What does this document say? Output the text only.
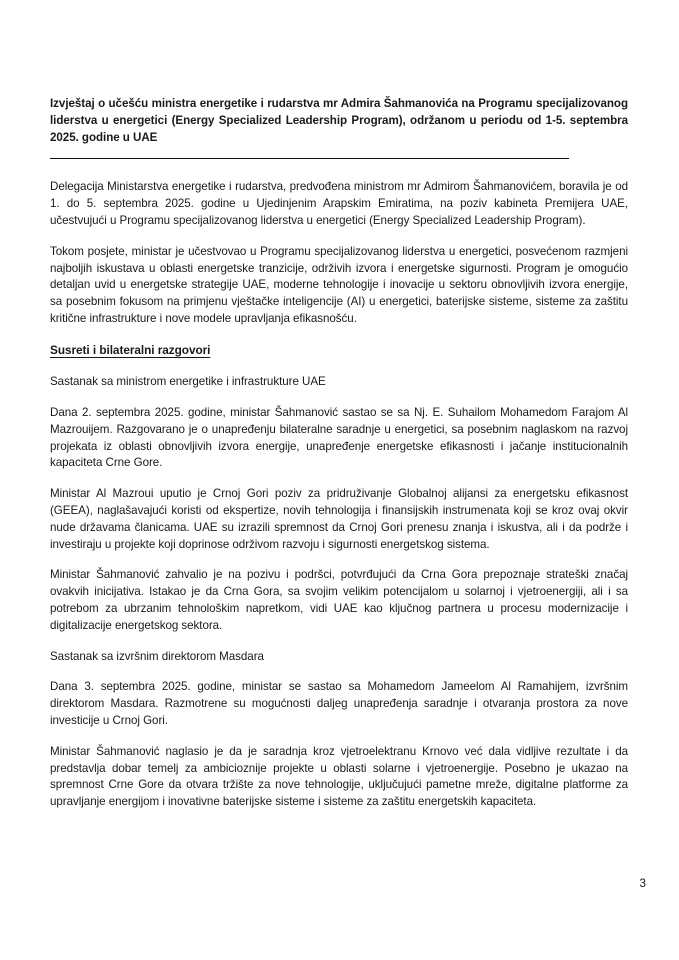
Izvještaj o učešću ministra energetike i rudarstva mr Admira Šahmanovića na Programu specijalizovanog liderstva u energetici (Energy Specialized Leadership Program), održanom u periodu od 1-5. septembra 2025. godine u UAE

Delegacija Ministarstva energetike i rudarstva, predvođena ministrom mr Admirom Šahmanovićem, boravila je od 1. do 5. septembra 2025. godine u Ujedinjenim Arapskim Emiratima, na poziv kabineta Premijera UAE, učestvujući u Programu specijalizovanog liderstva u energetici (Energy Specialized Leadership Program).

Tokom posjete, ministar je učestvovao u Programu specijalizovanog liderstva u energetici, posvećenom razmjeni najboljih iskustava u oblasti energetske tranzicije, održivih izvora i energetske sigurnosti. Program je omogućio detaljan uvid u energetske strategije UAE, moderne tehnologije i inovacije u sektoru obnovljivih izvora energije, sa posebnim fokusom na primjenu vještačke inteligencije (AI) u energetici, baterijske sisteme, sisteme za zaštitu kritične infrastrukture i nove modele upravljanja efikasnošću.

Susreti i bilateralni razgovori

Sastanak sa ministrom energetike i infrastrukture UAE

Dana 2. septembra 2025. godine, ministar Šahmanović sastao se sa Nj. E. Suhailom Mohamedom Farajom Al Mazrouijem. Razgovarano je o unapređenju bilateralne saradnje u energetici, sa posebnim naglaskom na razvoj projekata iz oblasti obnovljivih izvora energije, unapređenje energetske efikasnosti i jačanje institucionalnih kapaciteta Crne Gore.

Ministar Al Mazroui uputio je Crnoj Gori poziv za pridruživanje Globalnoj alijansi za energetsku efikasnost (GEEA), naglašavajući koristi od ekspertize, novih tehnologija i finansijskih instrumenata koji se kroz ovaj okvir nude državama članicama. UAE su izrazili spremnost da Crnoj Gori prenesu znanja i iskustva, ali i da podrže i investiraju u projekte koji doprinose održivom razvoju i sigurnosti energetskog sistema.

Ministar Šahmanović zahvalio je na pozivu i podršci, potvrđujući da Crna Gora prepoznaje strateški značaj ovakvih inicijativa. Istakao je da Crna Gora, sa svojim velikim potencijalom u solarnoj i vjetroenergiji, ali i sa potrebom za ubrzanim tehnološkim napretkom, vidi UAE kao ključnog partnera u procesu modernizacije i digitalizacije energetskog sektora.

Sastanak sa izvršnim direktorom Masdara

Dana 3. septembra 2025. godine, ministar se sastao sa Mohamedom Jameelom Al Ramahijem, izvršnim direktorom Masdara. Razmotrene su mogućnosti daljeg unapređenja saradnje i otvaranja prostora za nove investicije u Crnoj Gori.

Ministar Šahmanović naglasio je da je saradnja kroz vjetroelektranu Krnovo već dala vidljive rezultate i da predstavlja dobar temelj za ambicioznije projekte u oblasti solarne i vjetroenergije. Posebno je ukazao na spremnost Crne Gore da otvara tržište za nove tehnologije, uključujući pametne mreže, digitalne platforme za upravljanje energijom i inovativne baterijske sisteme i sisteme za zaštitu energetskih kapaciteta.

3
